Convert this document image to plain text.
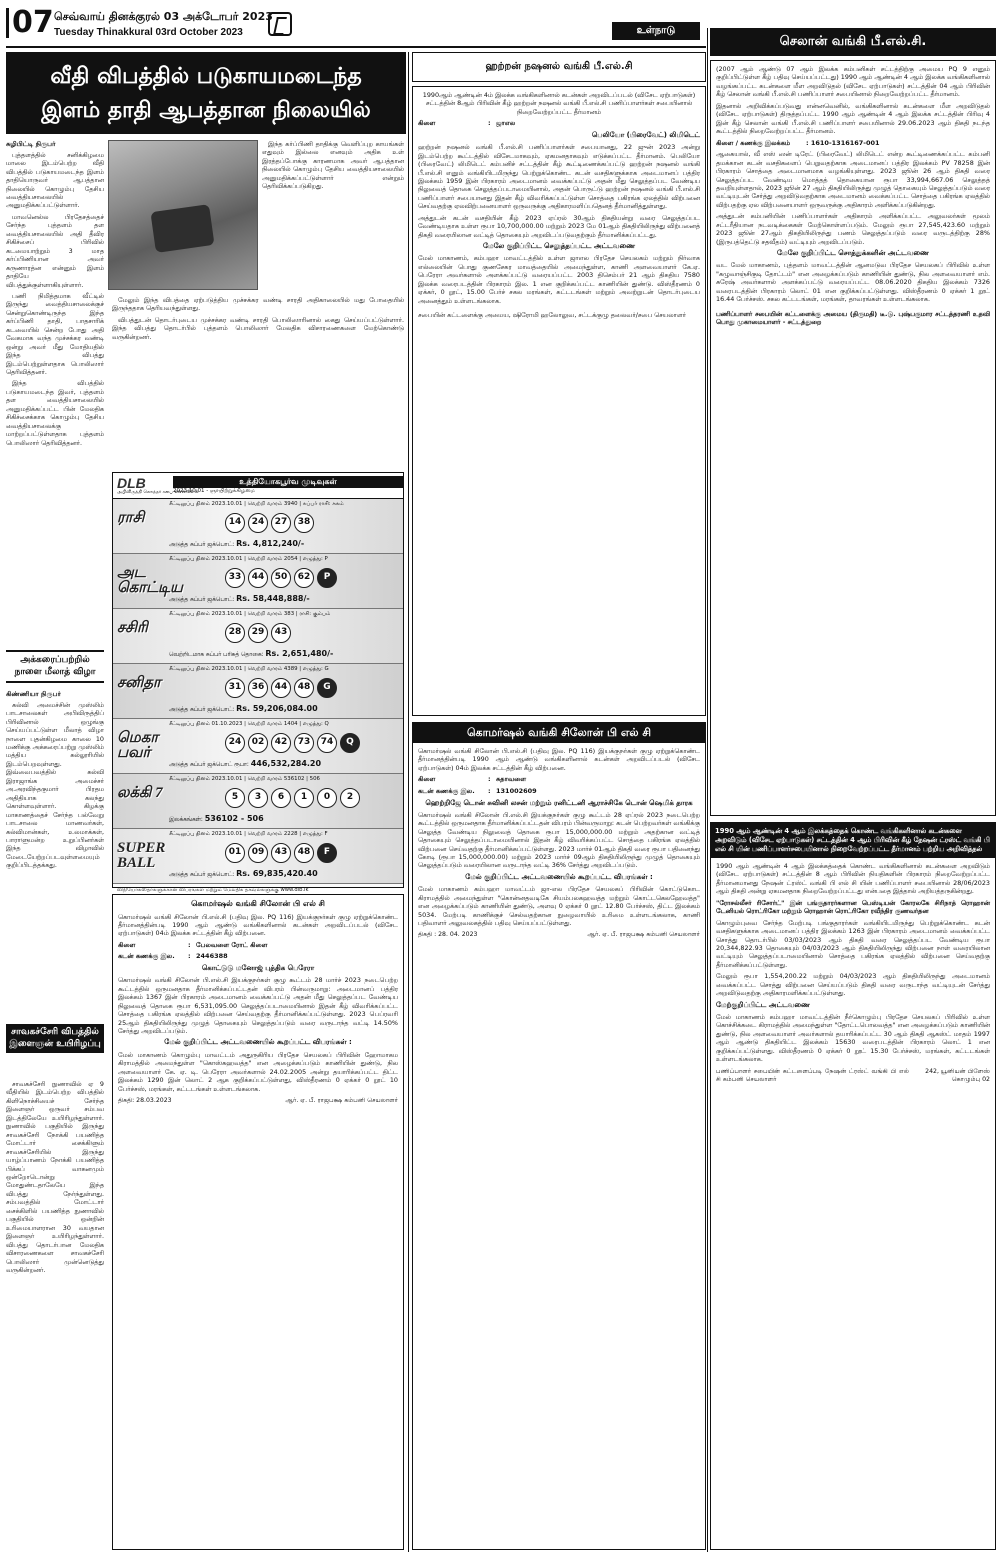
07 செவ்வாய் தினக்குரல் 03 அக்டோபர் 2023
Tuesday Thinakkural 03rd October 2023	உள்நாடு
வீதி விபத்தில் படுகாயமடைந்த
இளம் தாதி ஆபத்தான நிலையில்
சுழிபிட்டி நிருபர்

புத்தளத்தில் சனிக்கிழமை மாலை இடம்பெற்ற வீதி விபத்தில் படுகாயமடைந்த இளம் தாதியொருவர் ஆபத்தான நிலையில் கொழும்பு தேசிய வைத்தியசாலையில் அனுமதிக்கப்பட்டுள்ளார்.

மாவனெல்ல பிரதேசத்தைச் சேர்ந்த புத்தளம் தள வைத்தியசாலையில் அதி தீவிர சிகிச்சைப் பிரிவில் கடமையாற்றும் 3 மாத கர்ப்பிணியான அவர் கருணாரத்ன என்னும் இளம் தாதியே விபத்துக்குள்ளாகியுள்ளார்.

பணி நிமித்தமாக வீட்டில் இருந்து வைத்தியசாலைக்குச் சென்றுகொண்டிருந்த இந்த கர்ப்பிணி தாதி, பாதசாரிக் கடவையில் சென்ற போது அதி வேகமாக வந்த முச்சக்கர வண்டி ஒன்று அவர் மீது மோதியதில் இந்த விபத்து இடம்பெற்றுள்ளதாக பொலிஸார் தெரிவித்தனர்.

இந்த விபத்தில் படுகாயமடைந்த இவர், புத்தளம் தள வைத்தியசாலையில் அனுமதிக்கப்பட்ட பின் மேலதிக சிகிச்சைக்காக கொழும்பு தேசிய வைத்தியசாலைக்கு மாற்றப்பட்டுள்ளதாக புத்தளம் பொலிஸார் தெரிவித்தனர்.

இந்த கர்ப்பிணி தாதிக்கு வெளிப்புற காயங்கள் எதுவும் இல்லை எனவும் அதிக உள் இரத்தப்போக்கு காரணமாக அவர் ஆபத்தான நிலையில் கொழும்பு தேசிய வைத்தியசாலையில் அனுமதிக்கப்பட்டுள்ளார் என்றும் தெரிவிக்கப்படுகிறது.

மேலும் இந்த விபத்தை ஏற்படுத்திய முச்சக்கர வண்டி சாரதி அதிகாலையில் மது போதையில் இருந்ததாக தெரியவந்துள்ளது.

விபத்துடன் தொடர்புடைய முச்சக்கர வண்டி சாரதி பொலிஸாரினால் கைது செய்யப்பட்டுள்ளார். இந்த விபத்து தொடர்பில் புத்தளம் பொலிஸார் மேலதிக விசாரணைகளை மேற்கொண்டு வருகின்றனர்.

அக்கரைப்பற்றில் நாளை மீலாத் விழா
கிண்ணியா நிருபர்

கல்வி அமைச்சின் முஸ்லிம் பாடசாலைகள் அபிவிருத்திப் பிரிவினால் ஒழுங்கு செய்யப்பட்டுள்ள மீலாத் விழா நாளை புதன்கிழமை காலை 10 மணிக்கு அக்கரைப்பற்று முஸ்லிம் மத்திய கல்லூரியில் இடம்பெறவுள்ளது. இவ்வைபவத்தில் கல்வி இராஜாங்க அமைச்சர் அ.அரவிந்தகுமார் பிரதம அதிதியாக கலந்து கொள்ளவுள்ளார். கிழக்கு மாகாணத்தைச் சேர்ந்த பல்வேறு பாடசாலை மாணவர்கள், கல்விமான்கள், உலமாக்கள், பாராளுமன்ற உறுப்பினர்கள் இந்த விழாவில் மேடையேற்றப்படவுள்ளமையும் குறிப்பிடத்தக்கது.

சாவகச்சேரி விபத்தில் இளைஞன் உயிரிழப்பு

சாவகச்சேரி நுணாவில் ஏ 9 வீதியில் இடம்பெற்ற விபத்தில் கிளிநொச்சியைச் சேர்ந்த இளைஞர் ஒருவர் சம்பவ இடத்திலேயே உயிரிழந்துள்ளார். நுணாவில் பகுதியில் இருந்து சாவகச்சேரி நோக்கி பயணித்த மோட்டார் சைக்கிளும் சாவகச்சேரியில் இருந்து யாழ்ப்பாணம் நோக்கி பயணித்த பிக்கப் வாகனமும் ஒன்றோடொன்று மோதுண்டதாலேயே இந்த விபத்து நேர்ந்துள்ளது. சம்பவத்தில் மோட்டார் சைக்கிளில் பயணித்த நுணாவில் பகுதியில் ஒன்றின் உரிமையாளரான 30 வயதான இளைஞர் உயிரிழந்துள்ளார். விபத்து தொடர்பான மேலதிக விசாரணைகளை சாவகச்சேரி பொலிஸார் முன்னெடுத்து வருகின்றனர்.

DLB
அபிவிருத்தி லொத்தர் சபை www.dlb.lk
உத்தியோகபூர்வ முடிவுகள்
2023.10.01 - ஞாயிற்றுக்கிழமை
ராசி
சீட்டிலுப்பு தினம் 2023.10.01 | வெற்றி வாரம் 3940 | சுப்பர் ராசி: சுகம்
14	24	27	38
அடுத்த சுப்பர் ஜக்பொட்: Rs. 4,812,240/-
அட கொட்டிய
சீட்டிலுப்பு தினம் 2023.10.01 | வெற்றி வாரம் 2054 | எழுத்து: P
33	44	50	62	P
அடுத்த சுப்பர் ஜக்பொட்: Rs. 58,448,888/-
சசிரி
சீட்டிலுப்பு தினம் 2023.10.01 | வெற்றி வாரம் 383 | ராசி: கும்பம்
28	29	43
வெற்றிடமாக சுப்பர் பரிசுத் தொகை: Rs. 2,651,480/-
சனிதா
சீட்டிலுப்பு தினம் 2023.10.01 | வெற்றி வாரம் 4389 | எழுத்து: G
31	36	44	48	G
அடுத்த சுப்பர் ஜக்பொட்: Rs. 59,206,084.00
மெகா பவர்
சீட்டிலுப்பு தினம் 01.10.2023 | வெற்றி வாரம் 1404 | எழுத்து: Q
24	02	42	73	74	Q
அடுத்த சுப்பர் ஜக்பொட் ரூபா: 446,532,284.20
லக்கி 7
சீட்டிலுப்பு தினம் 2023.10.01 | வெற்றி வாரம் 536102 | 506
5	3	6	1	0	2
இலக்கங்கள்: 536102 - 506
SUPER BALL
சீட்டிலுப்பு தினம் 2023.10.01 | வெற்றி வாரம் 2228 | எழுத்து: F
01	09	43	48	F
அடுத்த சுப்பர் ஜக்பொட்: Rs. 69,835,420.40
விநியோகஸ்தர்களுக்கான விபரங்கள் மற்றும் மேலதிக தகவல்களுக்கு www.dlb.lk
கொமர்ஷல் வங்கி சிலோன் பி எல் சி

கொமர்ஷல் வங்கி சிலோன் பி.எல்.சி (பதிவு இல. PQ 116) இயக்குநர்கள் குழு ஏற்றுக்கொண்ட தீர்மானத்தின்படி 1990 ஆம் ஆண்டு வங்கிகளினால் கடன்கள் அறவிடப்படல் (விசேட ஏற்பாடுகள்) 04ம் இலக்க சட்டத்தின் கீழ் விற்பனை.

கிளை	: பேலவளை ரோட் கிளை
கடன் கணக்கு இல.	: 2446388
கொட்டுடு மனோஜ் புத்திக பெரேரா

கொமர்ஷல் வங்கி சிலோன் பி.எல்.சி இயக்குநர்கள் குழு கூட்டம் 28 மார்ச் 2023 நடைபெற்ற கூட்டத்தில் ஒருமனதாக தீர்மானிக்கப்பட்டதன் விபரம் பின்வருமாறு: அடைமானப் பத்திர இலக்கம் 1367 இன் பிரகாரம் அடைமானம் வைக்கப்பட்டு அதன் மீது செலுத்தப்பட வேண்டிய நிலுவைத் தொகை ரூபா 6,531,095.00 செலுத்தப்படாமையினால் இதன் கீழ் விவரிக்கப்பட்ட சொத்தை பகிரங்க ஏலத்தில் விற்பனை செய்வதற்கு தீர்மானிக்கப்பட்டுள்ளது. 2023 பெப்ரவரி 25ஆம் திகதியிலிருந்து முழுத் தொகையும் செலுத்தப்படும் வரை வருடாந்த வட்டி 14.50% சேர்த்து அறவிடப்படும்.

மேல் குறிப்பிட்ட அட்டவணையில் கூறப்பட்ட விபரங்கள் :

மேல் மாகாணம் கொழும்பு மாவட்டம் அதுருகிரிய பிரதேச செயலகப் பிரிவின் ஹோமாகம கிராமத்தில் அமைந்துள்ள "கொஸ்கஹவத்த" என அழைக்கப்படும் காணியின் துண்டு, நில அளவையாளர் கே. ஏ. டி. பெரேரா அவர்களால் 24.02.2005 அன்று தயாரிக்கப்பட்ட திட்ட இலக்கம் 1290 இன் லொட் 2 ஆக குறிக்கப்பட்டுள்ளது, விஸ்தீரணம் 0 ஏக்கர் 0 றூட் 10 பேர்ச்சஸ், மரங்கள், கட்டடங்கள் உள்ளடங்கலாக.

திகதி: 28.03.2023	ஆர். ஏ. பீ. ராஜபக்ஷ கம்பனி செயலாளர்
ஹற்றன் நஷனல் வங்கி பீ.எல்.சி

1990ஆம் ஆண்டின் 4ம் இலக்க வங்கிகளினால் கடன்கள் அறவிடப்படல் (விசேட ஏற்பாடுகள்) சட்டத்தின் 8ஆம் பிரிவின் கீழ் ஹற்றன் நஷனல் வங்கி பீ.எல்.சி பணிப்பாளர்கள் சபையினால் நிறைவேற்றப்பட்ட தீர்மானம்

கிளை	: ஜாஎல
பெலியோ (பிரைவேட்) லிமிடெட்

ஹற்றன் நஷனல் வங்கி பீ.எல்.சி பணிப்பாளர்கள் சபையானது, 22 ஜுன் 2023 அன்று இடம்பெற்ற கூட்டத்தில் விசேடமாகவும், ஏகமனதாகவும் எடுக்கப்பட்ட தீர்மானம். பெலியோ (பிரைவேட்) லிமிடெட் கம்பனிச் சட்டத்தின் கீழ் கூட்டிணைக்கப்பட்டு ஹற்றன் நஷனல் வங்கி பீ.எல்.சி எனும் வங்கியிடமிருந்து பெற்றுக்கொண்ட கடன் வசதிகளுக்காக அடைமானப் பத்திர இலக்கம் 1959 இன் பிரகாரம் அடைமானம் வைக்கப்பட்டு அதன் மீது செலுத்தப்பட வேண்டிய நிலுவைத் தொகை செலுத்தப்படாமையினால், அதன் பொருட்டு ஹற்றன் நஷனல் வங்கி பீ.எல்.சி பணிப்பாளர் சபையானது இதன் கீழ் விவரிக்கப்பட்டுள்ள சொத்தை பகிரங்க ஏலத்தில் விற்பனை செய்வதற்கு ஏலவிற்பனையாளர் ஒருவருக்கு அதிகாரமளிப்பதெனத் தீர்மானித்துள்ளது.

அத்துடன் கடன் வசதியின் கீழ் 2023 ஏப்ரல் 30ஆம் திகதியன்று வரை செலுத்தப்பட வேண்டியதாக உள்ள ரூபா 10,700,000.00 மற்றும் 2023 மே 01ஆம் திகதியிலிருந்து விற்பனைத் திகதி வரையிலான வட்டித் தொகையும் அறவிடப்படுவதற்கும் தீர்மானிக்கப்பட்டது.

மேலே குறிப்பிட்ட செலுத்தப்பட்ட அட்டவணை

மேல் மாகாணம், கம்பஹா மாவட்டத்தில் உள்ள ஜாஎல பிரதேச செயலகம் மற்றும் நிர்வாக எல்லையின் பொது குணசேகர மாவத்தையில் அமைந்துள்ள, காணி அளவையாளர் கே.ஏ. பெரேரா அவர்களால் அளக்கப்பட்டு வரையப்பட்ட 2003 திசெம்பர் 21 ஆம் திகதிய 7580 இலக்க வரைபடத்தின் பிரகாரம் இல. 1 என குறிக்கப்பட்ட காணியின் துண்டு. விஸ்தீரணம் 0 ஏக்கர், 0 றூட், 15.00 பேர்ச் சகல மரங்கள், கட்டடங்கள் மற்றும் அவற்றுடன் தொடர்புடைய அனைத்தும் உள்ளடங்கலாக.

சபையின் கட்டளைக்கு அமைய, ஷிரோமி ஹலோலுவ, சட்டக்குழு தலைவர்/சபை செயலாளர்

கொமர்ஷல் வங்கி சிலோன் பி எல் சி

கொமர்ஷல் வங்கி சிலோன் பி.எல்.சி (பதிவு இல. PQ 116) இயக்குநர்கள் குழு ஏற்றுக்கொண்ட தீர்மானத்தின்படி 1990 ஆம் ஆண்டு வங்கிகளினால் கடன்கள் அறவிடப்படல் (விசேட ஏற்பாடுகள்) 04ம் இலக்க சட்டத்தின் கீழ் விற்பனை.

கிளை	: சுதாவளை
கடன் கணக்கு இல.	: 131002609
ஹெற்றிஜே டொன் சுவினி லசன் மற்றும் ரனிட்டனி ஆராச்சிகே டொன் ஷெமிக் தாரக

கொமர்ஷல் வங்கி சிலோன் பி.எல்.சி இயக்குநர்கள் குழு கூட்டம் 28 ஏப்ரல் 2023 நடைபெற்ற கூட்டத்தில் ஒருமனதாக தீர்மானிக்கப்பட்டதன் விபரம் பின்வருமாறு: கடன் பெற்றவர்கள் வங்கிக்கு செலுத்த வேண்டிய நிலுவைத் தொகை ரூபா 15,000,000.00 மற்றும் அதற்கான வட்டித் தொகையும் செலுத்தப்படாமையினால் இதன் கீழ் விவரிக்கப்பட்ட சொத்தை பகிரங்க ஏலத்தில் விற்பனை செய்வதற்கு தீர்மானிக்கப்பட்டுள்ளது. 2023 மார்ச் 01ஆம் திகதி வரை ரூபா பதினைந்து கோடி (ரூபா 15,000,000.00) மற்றும் 2023 மார்ச் 09ஆம் திகதியிலிருந்து முழுத் தொகையும் செலுத்தப்படும் வரையிலான வருடாந்த வட்டி 36% சேர்த்து அறவிடப்படும்.

மேல் குறிப்பிட்ட அட்டவணையில் கூறப்பட்ட விபரங்கள் :

மேல் மாகாணம் கம்பஹா மாவட்டம் ஜா-எல பிரதேச செயலகப் பிரிவின் கொட்டுகொட கிராமத்தில் அமைந்துள்ள "கொன்னதவடிகே சியம்பலகஹவத்த மற்றும் கொட்டகெலஹேவத்த" என அழைக்கப்படும் காணியின் துண்டு, அளவு 0 ஏக்கர் 0 றூட் 12.80 பேர்ச்சஸ், திட்ட இலக்கம் 5034. மேற்படி காணிக்குச் செல்வதற்கான நுழைவாயில் உரிமை உள்ளடங்கலாக, காணி பதிவாளர் அலுவலகத்தில் பதிவு செய்யப்பட்டுள்ளது.

திகதி : 28. 04. 2023	ஆர். ஏ. பீ. ராஜபக்ஷ கம்பனி செயலாளர்
செலான் வங்கி பீ.எல்.சி.

(2007 ஆம் ஆண்டு 07 ஆம் இலக்க கம்பனிகள் சட்டத்திற்கு அமைய PQ 9 எனும் குறிப்பிட்டுள்ள கீழ் பதிவு செய்யப்பட்டது) 1990 ஆம் ஆண்டின் 4 ஆம் இலக்க வங்கிகளினால் வழங்கப்பட்ட கடன்களை மீள அறவிடுதல் (விசேட ஏற்பாடுகள்) சட்டத்தின் 04 ஆம் பிரிவின் கீழ் செலான் வங்கி பீ.எல்.சி பணிப்பாளர் சபையினால் நிறைவேற்றப்பட்ட தீர்மானம்.

இதனால் அறிவிக்கப்படுவது என்னவெனில், வங்கிகளினால் கடன்களை மீள அறவிடுதல் (விசேட ஏற்பாடுகள்) திருத்தப்பட்ட 1990 ஆம் ஆண்டின் 4 ஆம் இலக்க சட்டத்தின் பிரிவு 4 இன் கீழ் செலான் வங்கி பீ.எல்.சி பணிப்பாளர் சபையினால் 29.06.2023 ஆம் திகதி நடந்த கூட்டத்தில் நிறைவேற்றப்பட்ட தீர்மானம்.

கிளை / கணக்கு இலக்கம்	: 1610-1316167-001

ஆகையால், வீ எஸ் ஸன் டிரேட் (பிரைவேட்) லிமிடெட் என்ற கூட்டிணைக்கப்பட்ட கம்பனி தமக்கான கடன் வசதிகளைப் பெறுவதற்காக அடைமானப் பத்திர இலக்கம் PV 78258 இன் பிரகாரம் சொத்தை அடைமானமாக வழங்கியுள்ளது. 2023 ஜூன் 26 ஆம் திகதி வரை செலுத்தப்பட வேண்டிய மொத்தத் தொகையான ரூபா 33,994,667.06 செலுத்தத் தவறியுள்ளதால், 2023 ஜூன் 27 ஆம் திகதியிலிருந்து முழுத் தொகையும் செலுத்தப்படும் வரை வட்டியுடன் சேர்த்து அறவிடுவதற்காக அடைமானம் வைக்கப்பட்ட சொத்தை பகிரங்க ஏலத்தில் விற்பதற்கு ஏல விற்பனையாளர் ஒருவருக்கு அதிகாரம் அளிக்கப்படுகின்றது.

அத்துடன் கம்பனியின் பணிப்பாளர்கள் அதிகாரம் அளிக்கப்பட்ட அலுவலர்கள் மூலம் சட்டரீதியான நடவடிக்கைகள் மேற்கொள்ளப்படும். மேலும் ரூபா 27,545,423.60 மற்றும் 2023 ஜூன் 27ஆம் திகதியிலிருந்து பணம் செலுத்தப்படும் வரை வருடத்திற்கு 28% (இருபத்தெட்டு சதவீதம்) வட்டியும் அறவிடப்படும்.

மேலே குறிப்பிட்ட சொத்துக்களின் அட்டவணை

வட மேல் மாகாணம், புத்தளம் மாவட்டத்தின் ஆனமடுவ பிரதேச செயலகப் பிரிவில் உள்ள "கழுவாஞ்சிகுடி தோட்டம்" என அழைக்கப்படும் காணியின் துண்டு, நில அளவையாளர் எம். சுரேஷ் அவர்களால் அளக்கப்பட்டு வரையப்பட்ட 08.06.2020 திகதிய இலக்கம் 7326 வரைபடத்தின் பிரகாரம் லொட் 01 என குறிக்கப்பட்டுள்ளது. விஸ்தீரணம் 0 ஏக்கர் 1 றூட் 16.44 பேர்ச்சஸ். சகல கட்டடங்கள், மரங்கள், தாவரங்கள் உள்ளடங்கலாக.

பணிப்பாளர் சபையின் கட்டளைக்கு அமைய (திருமதி) டீ.டு. புஷ்பகுமார சட்டத்தரணி உதவி பொது முகாமையாளர் - சட்டத்துறை

1990 ஆம் ஆண்டின் 4 ஆம் இலக்கத்தைக் கொண்ட வங்கிகளினால் கடன்களை அறவிடும் (விசேட ஏற்பாடுகள்) சட்டத்தின் 4 ஆம் பிரிவின் கீழ் நேஷன் ட்ரஸ்ட் வங்கி பி எல் சி யின் பணிப்பாளர்சபையினால் நிறைவேற்றப்பட்ட தீர்மானம் பற்றிய அறிவித்தல்

1990 ஆம் ஆண்டின் 4 ஆம் இலக்கத்தைக் கொண்ட வங்கிகளினால் கடன்களை அறவிடும் (விசேட ஏற்பாடுகள்) சட்டத்தின் 8 ஆம் பிரிவின் நியதிகளின் பிரகாரம் நிறைவேற்றப்பட்ட தீர்மானமானது நேஷன் ட்ரஸ்ட் வங்கி பி எல் சி யின் பணிப்பாளர் சபையினால் 28/06/2023 ஆம் திகதி அன்று ஏகமனதாக நிறைவேற்றப்பட்டது என்பதை இத்தால் அறியத்தருகின்றது.

"ரோசல்லீசர் ரிசோர்ட்" இன் பங்குதாரர்களான பெஸ்டியன் கோரலகே சிரிநாத் ரொஹான் டேனியல் ரொட்ரிகோ மற்றும் ரொஹான் ரொட்ரிகோ ரவீந்திர குணவர்தன

கொழும்புவை சேர்ந்த மேற்படி பங்குதாரர்கள் வங்கியிடமிருந்து பெற்றுக்கொண்ட கடன் வசதிகளுக்காக அடைமானப் பத்திர இலக்கம் 1263 இன் பிரகாரம் அடைமானம் வைக்கப்பட்ட சொத்து தொடர்பில் 03/03/2023 ஆம் திகதி வரை செலுத்தப்பட வேண்டிய ரூபா 20,344,822.93 தொகையும் 04/03/2023 ஆம் திகதியிலிருந்து விற்பனை நாள் வரையிலான வட்டியும் செலுத்தப்படாமையினால் சொத்தை பகிரங்க ஏலத்தில் விற்பனை செய்வதற்கு தீர்மானிக்கப்பட்டுள்ளது.

மேலும் ரூபா 1,554,200.22 மற்றும் 04/03/2023 ஆம் திகதியிலிருந்து அடைமானம் வைக்கப்பட்ட சொத்து விற்பனை செய்யப்படும் திகதி வரை வருடாந்த வட்டியுடன் சேர்த்து அறவிடுவதற்கு அதிகாரமளிக்கப்பட்டுள்ளது.

மேற்குறிப்பிட்ட அட்டவணை

மேல் மாகாணம் கம்பஹா மாவட்டத்தின் நீர்கொழும்பு பிரதேச செயலகப் பிரிவில் உள்ள கொச்சிக்கடை கிராமத்தில் அமைந்துள்ள "தோட்டபொலவத்த" என அழைக்கப்படும் காணியின் துண்டு, நில அளவையாளர் அவர்களால் தயாரிக்கப்பட்ட 30 ஆம் திகதி ஆகஸ்ட் மாதம் 1997 ஆம் ஆண்டு திகதியிட்ட இலக்கம் 15630 வரைபடத்தின் பிரகாரம் லொட் 1 என குறிக்கப்பட்டுள்ளது. விஸ்தீரணம் 0 ஏக்கர் 0 றூட் 15.30 பேர்ச்சஸ், மரங்கள், கட்டடங்கள் உள்ளடங்கலாக.

பணிப்பாளர் சபையின் கட்டளைப்படி நேஷன் ட்ரஸ்ட் வங்கி பி எல் சி கம்பனி செயலாளர்
242, யூனியன் பிளேஸ் கொழும்பு 02
